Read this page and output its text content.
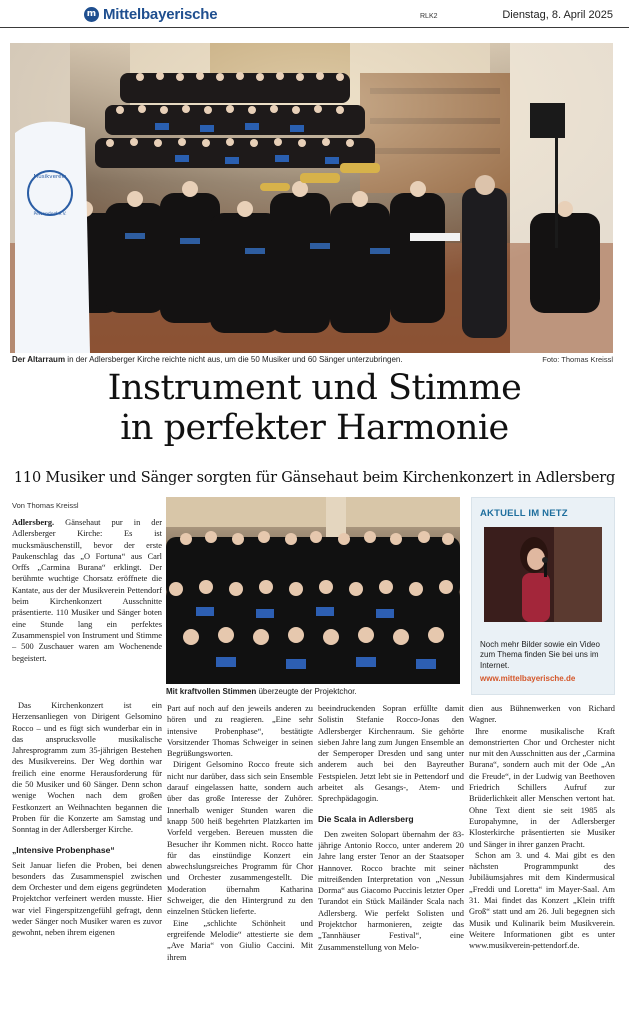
m Mittelbayerische	RLK2	Dienstag, 8. April 2025
Musikverein
Pettendorf e.V.
Der Altarraum in der Adlersberger Kirche reichte nicht aus, um die 50 Musiker und 60 Sänger unterzubringen.	Foto: Thomas Kreissl
Instrument und Stimme
in perfekter Harmonie
110 Musiker und Sänger sorgten für Gänsehaut beim Kirchenkonzert in Adlersberg
Von Thomas Kreissl

Adlersberg. Gänsehaut pur in der Adlersberger Kirche: Es ist mucksmäuschenstill, bevor der erste Paukenschlag das „O Fortuna“ aus Carl Orffs „Carmina Burana“ erklingt. Der berühmte wuchtige Chorsatz eröffnete die Kantate, aus der der Musikverein Pettendorf beim Kirchenkonzert Ausschnitte präsentierte. 110 Musiker und Sänger boten eine Stunde lang ein perfektes Zusammenspiel von Instrument und Stimme – 500 Zuschauer waren am Wochenende begeistert.

Das Kirchenkonzert ist ein Herzensanliegen von Dirigent Gelsomino Rocco – und es fügt sich wunderbar ein in das ansprucksvolle musikalische Jahresprogramm zum 35-jährigen Bestehen des Musikvereins. Der Weg dorthin war freilich eine enorme Herausforderung für die 50 Musiker und 60 Sänger. Denn schon wenige Wochen nach dem großen Festkonzert an Weihnachten begannen die Proben für die Konzerte am Samstag und Sonntag in der Adlersberger Kirche.

„Intensive Probenphase“

Seit Januar liefen die Proben, bei denen besonders das Zusammenspiel zwischen dem Orchester und dem eigens gegründeten Projektchor verfeinert werden musste. Hier war viel Fingerspitzengefühl gefragt, denn weder Sänger noch Musiker waren es zuvor gewohnt, neben ihrem eigenen

Mit kraftvollen Stimmen überzeugte der Projektchor.
AKTUELL IM NETZ
Noch mehr Bilder sowie ein Video zum Thema finden Sie bei uns im Internet.
www.mittelbayerische.de

Part auf noch auf den jeweils anderen zu hören und zu reagieren. „Eine sehr intensive Probenphase“, bestätigte Vorsitzender Thomas Schweiger in seinen Begrüßungsworten.

Dirigent Gelsomino Rocco freute sich nicht nur darüber, dass sich sein Ensemble darauf eingelassen hatte, sondern auch über das große Interesse der Zuhörer. Innerhalb weniger Stunden waren die knapp 500 heiß begehrten Platzkarten im Vorfeld vergeben. Bereuen mussten die Besucher ihr Kommen nicht. Rocco hatte für das einstündige Konzert ein abwechslungsreiches Programm für Chor und Orchester zusammengestellt. Die Moderation übernahm Katharina Schweiger, die den Hintergrund zu den einzelnen Stücken lieferte.

Eine „schlichte Schönheit und ergreifende Melodie“ attestierte sie dem „Ave Maria“ von Giulio Caccini. Mit ihrem

beeindruckenden Sopran erfüllte damit Solistin Stefanie Rocco-Jonas den Adlersberger Kirchenraum. Sie gehörte sieben Jahre lang zum Jungen Ensemble an der Semperoper Dresden und sang unter anderem auch bei den Bayreuther Festspielen. Jetzt lebt sie in Pettendorf und arbeitet als Gesangs-, Atem- und Sprechpädagogin.

Die Scala in Adlersberg

Den zweiten Solopart übernahm der 83-jährige Antonio Rocco, unter anderem 20 Jahre lang erster Tenor an der Staatsoper Hannover. Rocco brachte mit seiner mitreißenden Interpretation von „Nessun Dorma“ aus Giacomo Puccinis letzter Oper Turandot ein Stück Mailänder Scala nach Adlersberg. Wie perfekt Solisten und Projektchor harmonieren, zeigte das „Tannhäuser Festival“, eine Zusammenstellung von Melo-

dien aus Bühnenwerken von Richard Wagner.

Ihre enorme musikalische Kraft demonstrierten Chor und Orchester nicht nur mit den Ausschnitten aus der „Carmina Burana“, sondern auch mit der Ode „An die Freude“, in der Ludwig van Beethoven Friedrich Schillers Aufruf zur Brüderlichkeit aller Menschen vertont hat. Ohne Text dient sie seit 1985 als Europahymne, in der Adlersberger Klosterkirche präsentierten sie Musiker und Sänger in ihrer ganzen Pracht.

Schon am 3. und 4. Mai gibt es den nächsten Programmpunkt des Jubiläumsjahres mit dem Kindermusical „Freddi und Loretta“ im Mayer-Saal. Am 31. Mai findet das Konzert „Klein trifft Groß“ statt und am 26. Juli begegnen sich Musik und Kulinarik beim Musikverein. Weitere Informationen gibt es unter www.musikverein-pettendorf.de.
